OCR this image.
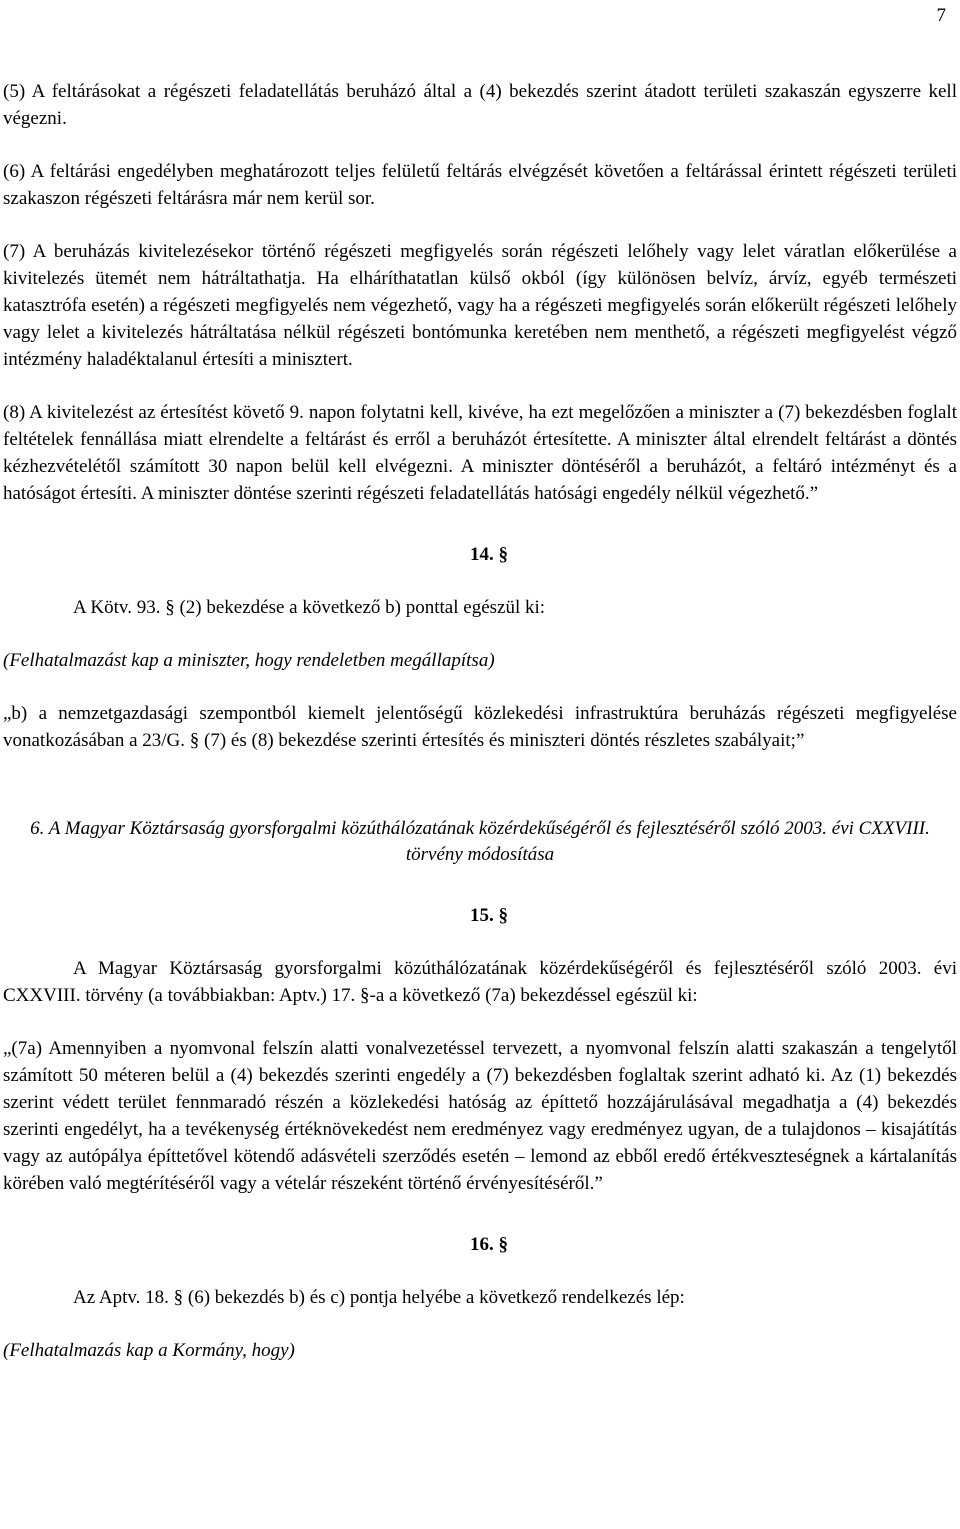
7

(5) A feltárásokat a régészeti feladatellátás beruházó által a (4) bekezdés szerint átadott területi szakaszán egyszerre kell végezni.

(6) A feltárási engedélyben meghatározott teljes felületű feltárás elvégzését követően a feltárással érintett régészeti területi szakaszon régészeti feltárásra már nem kerül sor.

(7) A beruházás kivitelezésekor történő régészeti megfigyelés során régészeti lelőhely vagy lelet váratlan előkerülése a kivitelezés ütemét nem hátráltathatja. Ha elháríthatatlan külső okból (így különösen belvíz, árvíz, egyéb természeti katasztrófa esetén) a régészeti megfigyelés nem végezhető, vagy ha a régészeti megfigyelés során előkerült régészeti lelőhely vagy lelet a kivitelezés hátráltatása nélkül régészeti bontómunka keretében nem menthető, a régészeti megfigyelést végző intézmény haladéktalanul értesíti a minisztert.

(8) A kivitelezést az értesítést követő 9. napon folytatni kell, kivéve, ha ezt megelőzően a miniszter a (7) bekezdésben foglalt feltételek fennállása miatt elrendelte a feltárást és erről a beruházót értesítette. A miniszter által elrendelt feltárást a döntés kézhezvételétől számított 30 napon belül kell elvégezni. A miniszter döntéséről a beruházót, a feltáró intézményt és a hatóságot értesíti. A miniszter döntése szerinti régészeti feladatellátás hatósági engedély nélkül végezhető.”

14. §

A Kötv. 93. § (2) bekezdése a következő b) ponttal egészül ki:

(Felhatalmazást kap a miniszter, hogy rendeletben megállapítsa)

„b) a nemzetgazdasági szempontból kiemelt jelentőségű közlekedési infrastruktúra beruházás régészeti megfigyelése vonatkozásában a 23/G. § (7) és (8) bekezdése szerinti értesítés és miniszteri döntés részletes szabályait;”

6. A Magyar Köztársaság gyorsforgalmi közúthálózatának közérdekűségéről és fejlesztéséről szóló 2003. évi CXXVIII. törvény módosítása

15. §

A Magyar Köztársaság gyorsforgalmi közúthálózatának közérdekűségéről és fejlesztéséről szóló 2003. évi CXXVIII. törvény (a továbbiakban: Aptv.) 17. §-a a következő (7a) bekezdéssel egészül ki:

„(7a) Amennyiben a nyomvonal felszín alatti vonalvezetéssel tervezett, a nyomvonal felszín alatti szakaszán a tengelytől számított 50 méteren belül a (4) bekezdés szerinti engedély a (7) bekezdésben foglaltak szerint adható ki. Az (1) bekezdés szerint védett terület fennmaradó részén a közlekedési hatóság az építtető hozzájárulásával megadhatja a (4) bekezdés szerinti engedélyt, ha a tevékenység értéknövekedést nem eredményez vagy eredményez ugyan, de a tulajdonos – kisajátítás vagy az autópálya építtetővel kötendő adásvételi szerződés esetén – lemond az ebből eredő értékveszteségnek a kártalanítás körében való megtérítéséről vagy a vételár részeként történő érvényesítéséről.”

16. §

Az Aptv. 18. § (6) bekezdés b) és c) pontja helyébe a következő rendelkezés lép:

(Felhatalmazás kap a Kormány, hogy)
